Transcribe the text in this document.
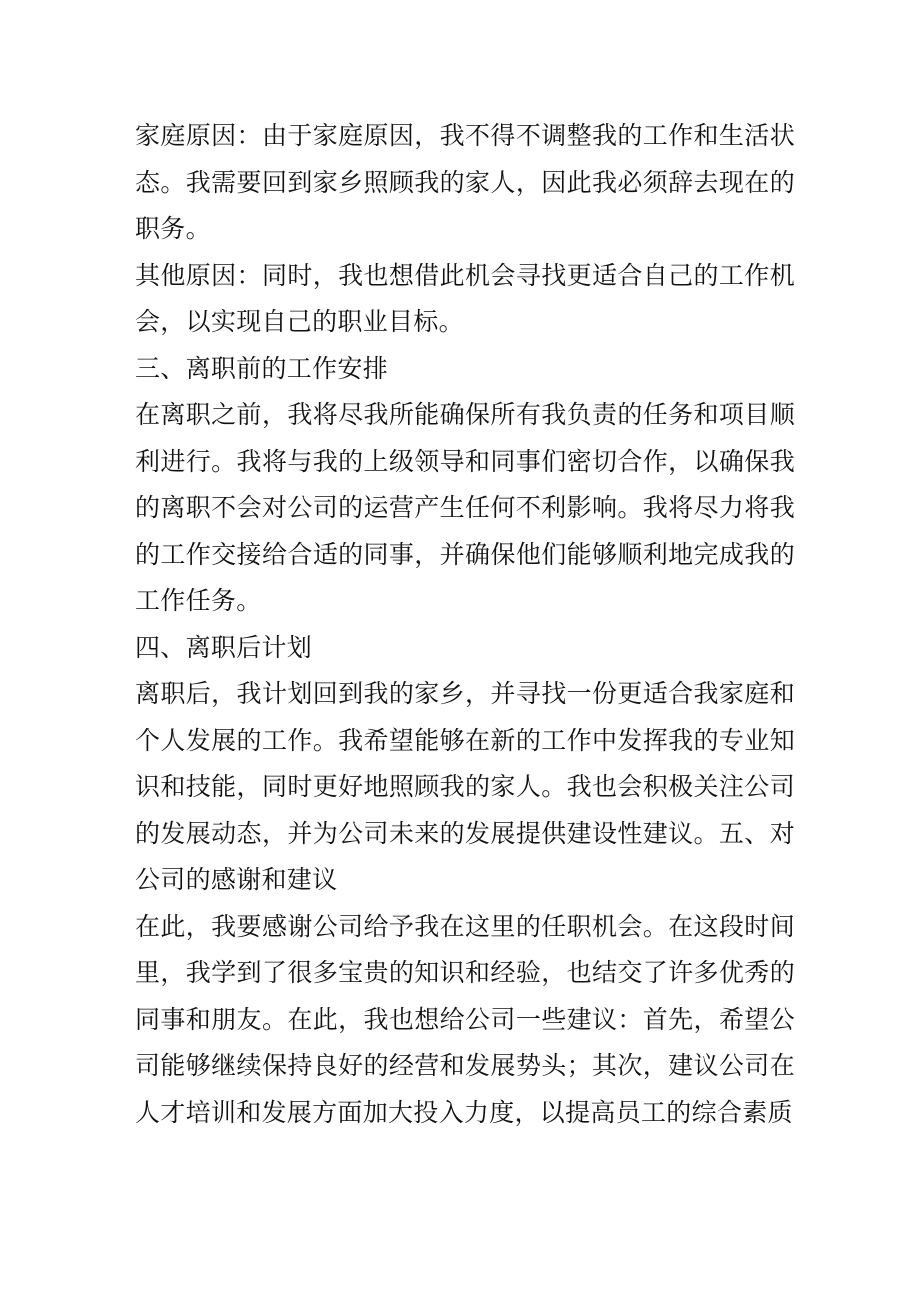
家庭原因：由于家庭原因，我不得不调整我的工作和生活状态。我需要回到家乡照顾我的家人，因此我必须辞去现在的职务。

其他原因：同时，我也想借此机会寻找更适合自己的工作机会，以实现自己的职业目标。

三、离职前的工作安排

在离职之前，我将尽我所能确保所有我负责的任务和项目顺利进行。我将与我的上级领导和同事们密切合作，以确保我的离职不会对公司的运营产生任何不利影响。我将尽力将我的工作交接给合适的同事，并确保他们能够顺利地完成我的工作任务。

四、离职后计划

离职后，我计划回到我的家乡，并寻找一份更适合我家庭和个人发展的工作。我希望能够在新的工作中发挥我的专业知识和技能，同时更好地照顾我的家人。我也会积极关注公司的发展动态，并为公司未来的发展提供建设性建议。五、对公司的感谢和建议

在此，我要感谢公司给予我在这里的任职机会。在这段时间里，我学到了很多宝贵的知识和经验，也结交了许多优秀的同事和朋友。在此，我也想给公司一些建议：首先，希望公司能够继续保持良好的经营和发展势头；其次，建议公司在人才培训和发展方面加大投入力度，以提高员工的综合素质
